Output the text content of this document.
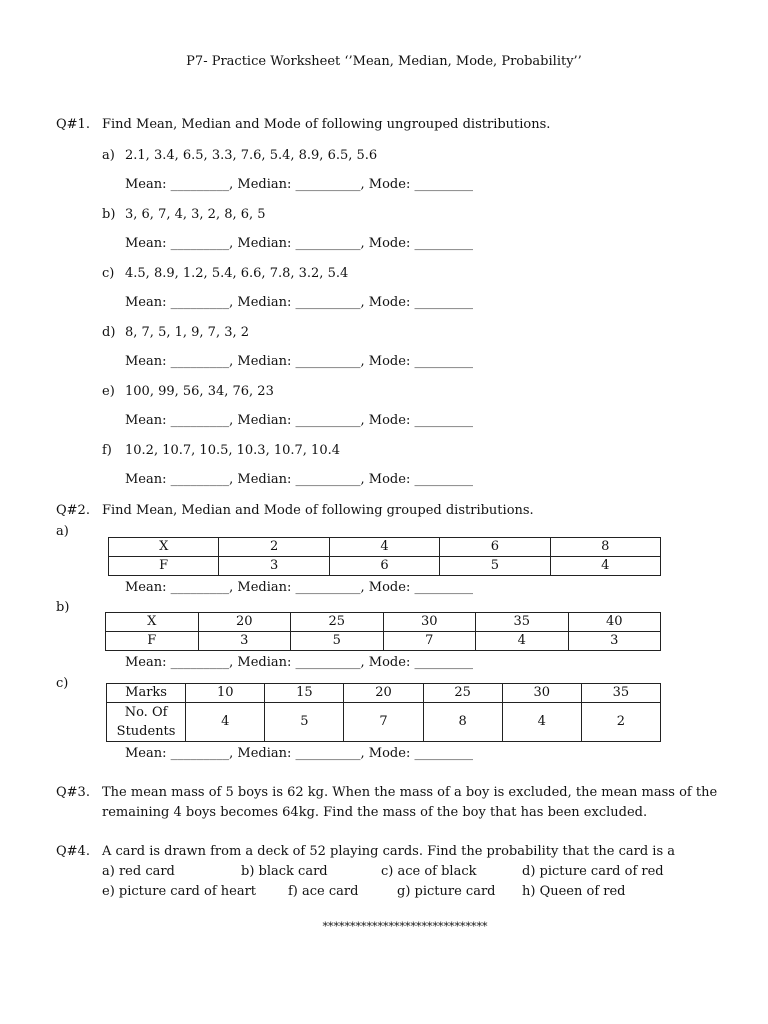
P7- Practice Worksheet ‘’Mean, Median, Mode, Probability’’
Q#1. Find Mean, Median and Mode of following ungrouped distributions.
a) 2.1, 3.4, 6.5, 3.3, 7.6, 5.4, 8.9, 6.5, 5.6
Mean: _________, Median: __________, Mode: _________
b) 3, 6, 7, 4, 3, 2, 8, 6, 5
Mean: _________, Median: __________, Mode: _________
c) 4.5, 8.9, 1.2, 5.4, 6.6, 7.8, 3.2, 5.4
Mean: _________, Median: __________, Mode: _________
d) 8, 7, 5, 1, 9, 7, 3, 2
Mean: _________, Median: __________, Mode: _________
e) 100, 99, 56, 34, 76, 23
Mean: _________, Median: __________, Mode: _________
f) 10.2, 10.7, 10.5, 10.3, 10.7, 10.4
Mean: _________, Median: __________, Mode: _________
Q#2. Find Mean, Median and Mode of following grouped distributions.
a)
X	2	4	6	8
F	3	6	5	4
Mean: _________, Median: __________, Mode: _________
b)
X	20	25	30	35	40
F	3	5	7	4	3
Mean: _________, Median: __________, Mode: _________
c)
Marks	10	15	20	25	30	35
No. Of Students	4	5	7	8	4	2
Mean: _________, Median: __________, Mode: _________
Q#3. The mean mass of 5 boys is 62 kg. When the mass of a boy is excluded, the mean mass of the remaining 4 boys becomes 64kg. Find the mass of the boy that has been excluded.
Q#4. A card is drawn from a deck of 52 playing cards. Find the probability that the card is a
a) red card	b) black card	c) ace of black	d) picture card of red
e) picture card of heart f) ace card	g) picture card h) Queen of red
******************************
